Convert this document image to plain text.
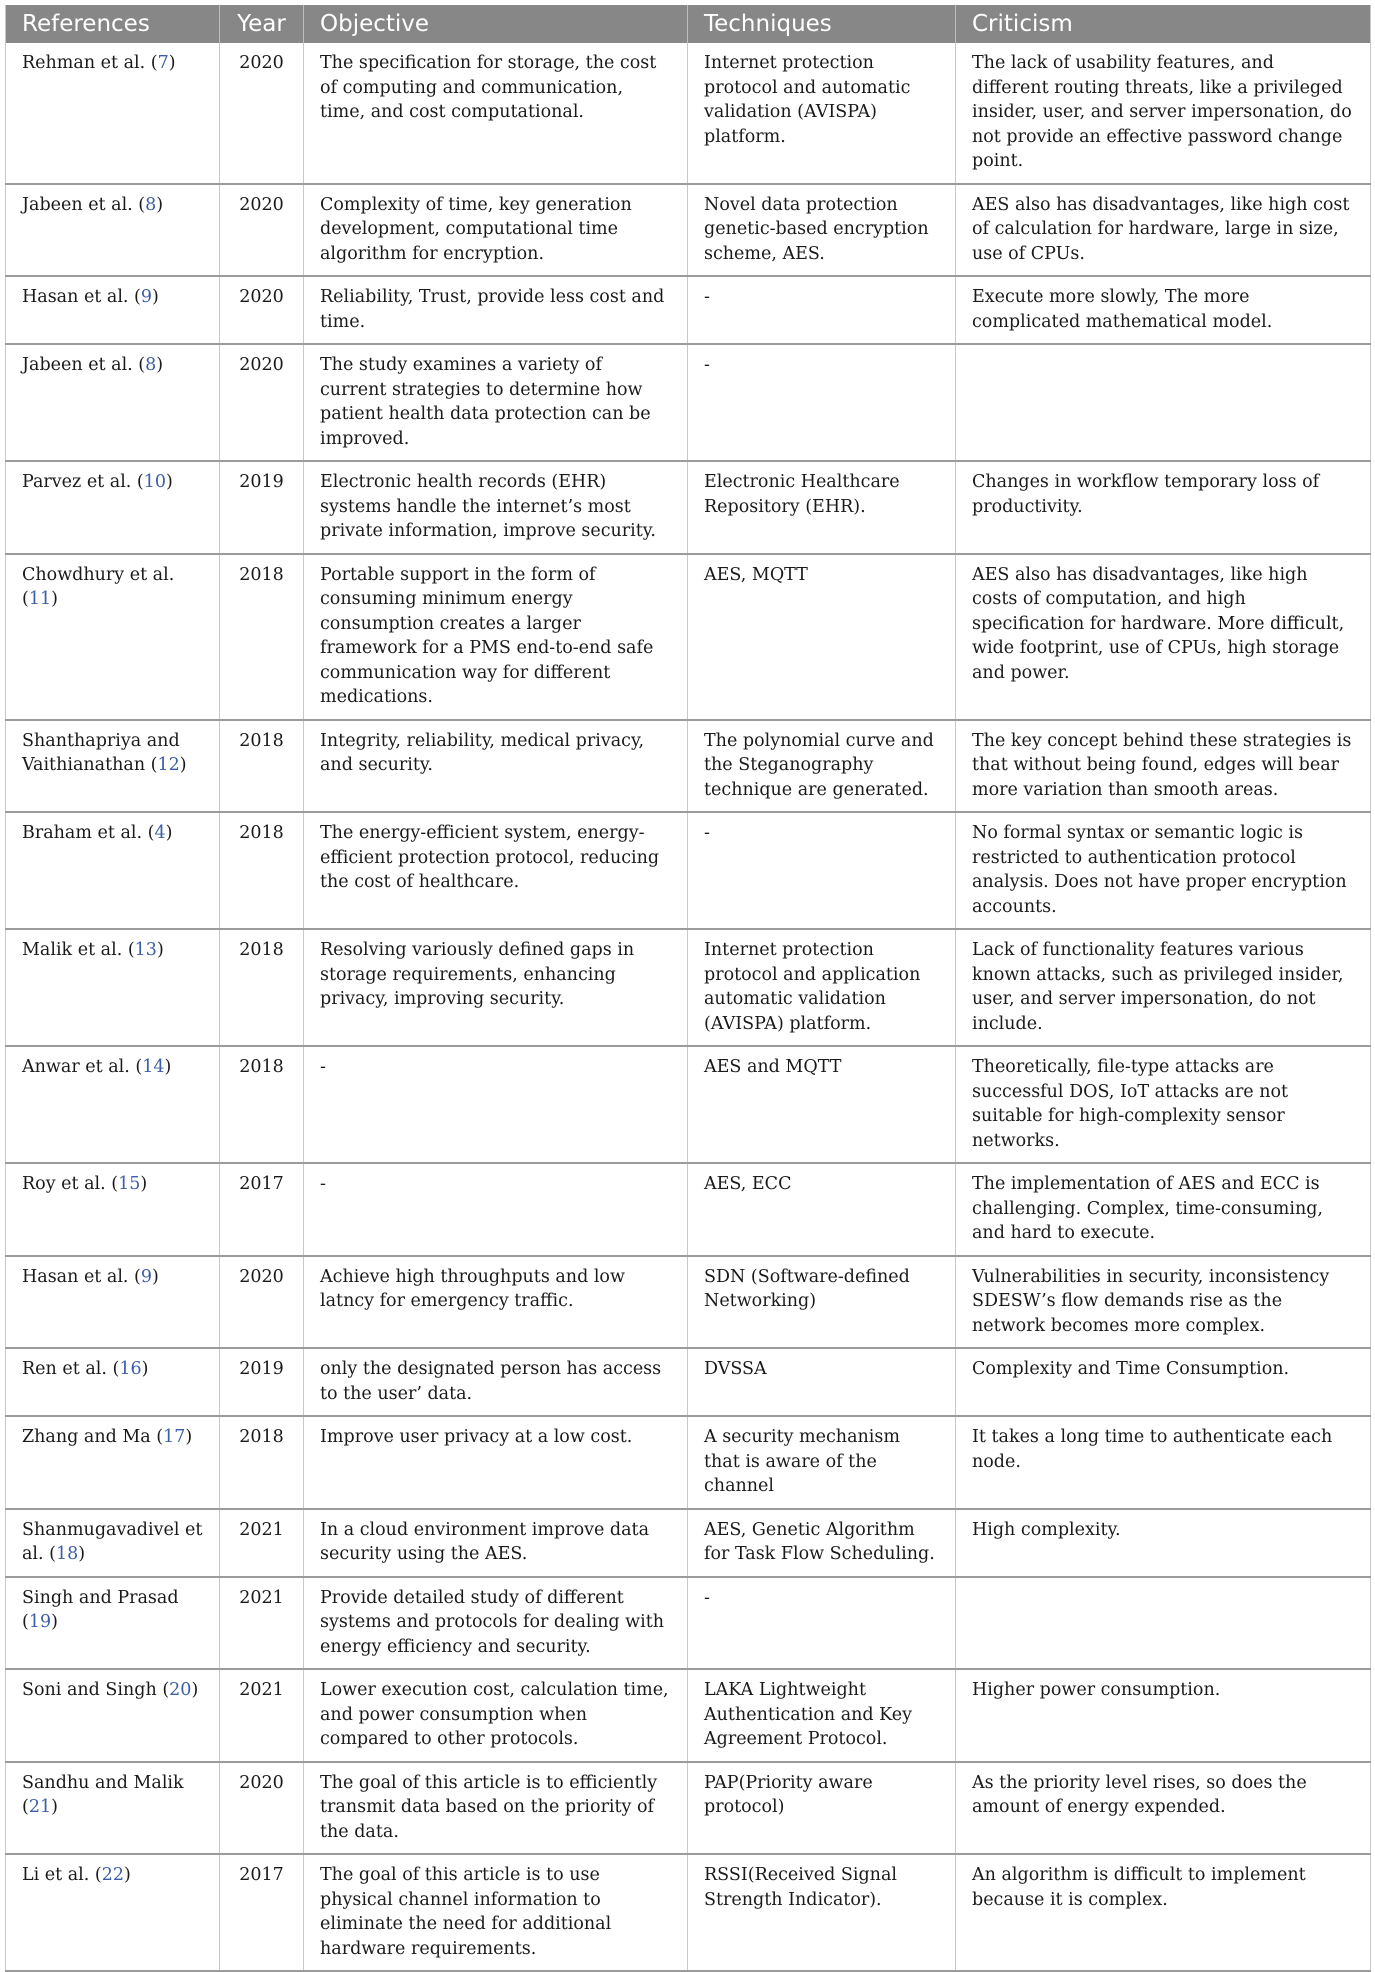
References	Year	Objective	Techniques	Criticism
Rehman et al. (7)	2020	The specification for storage, the cost of computing and communication, time, and cost computational.	Internet protection protocol and automatic validation (AVISPA) platform.	The lack of usability features, and different routing threats, like a privileged insider, user, and server impersonation, do not provide an effective password change point.
Jabeen et al. (8)	2020	Complexity of time, key generation development, computational time algorithm for encryption.	Novel data protection genetic-based encryption scheme, AES.	AES also has disadvantages, like high cost of calculation for hardware, large in size, use of CPUs.
Hasan et al. (9)	2020	Reliability, Trust, provide less cost and time.	-	Execute more slowly, The more complicated mathematical model.
Jabeen et al. (8)	2020	The study examines a variety of current strategies to determine how patient health data protection can be improved.	-	
Parvez et al. (10)	2019	Electronic health records (EHR) systems handle the internet’s most private information, improve security.	Electronic Healthcare Repository (EHR).	Changes in workflow temporary loss of productivity.
Chowdhury et al. (11)	2018	Portable support in the form of consuming minimum energy consumption creates a larger framework for a PMS end-to-end safe communication way for different medications.	AES, MQTT	AES also has disadvantages, like high costs of computation, and high specification for hardware. More difficult, wide footprint, use of CPUs, high storage and power.
Shanthapriya and Vaithianathan (12)	2018	Integrity, reliability, medical privacy, and security.	The polynomial curve and the Steganography technique are generated.	The key concept behind these strategies is that without being found, edges will bear more variation than smooth areas.
Braham et al. (4)	2018	The energy-efficient system, energy-efficient protection protocol, reducing the cost of healthcare.	-	No formal syntax or semantic logic is restricted to authentication protocol analysis. Does not have proper encryption accounts.
Malik et al. (13)	2018	Resolving variously defined gaps in storage requirements, enhancing privacy, improving security.	Internet protection protocol and application automatic validation (AVISPA) platform.	Lack of functionality features various known attacks, such as privileged insider, user, and server impersonation, do not include.
Anwar et al. (14)	2018	-	AES and MQTT	Theoretically, file-type attacks are successful DOS, IoT attacks are not suitable for high-complexity sensor networks.
Roy et al. (15)	2017	-	AES, ECC	The implementation of AES and ECC is challenging. Complex, time-consuming, and hard to execute.
Hasan et al. (9)	2020	Achieve high throughputs and low latncy for emergency traffic.	SDN (Software-defined Networking)	Vulnerabilities in security, inconsistency SDESW’s flow demands rise as the network becomes more complex.
Ren et al. (16)	2019	only the designated person has access to the user’ data.	DVSSA	Complexity and Time Consumption.
Zhang and Ma (17)	2018	Improve user privacy at a low cost.	A security mechanism that is aware of the channel	It takes a long time to authenticate each node.
Shanmugavadivel et al. (18)	2021	In a cloud environment improve data security using the AES.	AES, Genetic Algorithm for Task Flow Scheduling.	High complexity.
Singh and Prasad (19)	2021	Provide detailed study of different systems and protocols for dealing with energy efficiency and security.	-	
Soni and Singh (20)	2021	Lower execution cost, calculation time, and power consumption when compared to other protocols.	LAKA Lightweight Authentication and Key Agreement Protocol.	Higher power consumption.
Sandhu and Malik (21)	2020	The goal of this article is to efficiently transmit data based on the priority of the data.	PAP(Priority aware protocol)	As the priority level rises, so does the amount of energy expended.
Li et al. (22)	2017	The goal of this article is to use physical channel information to eliminate the need for additional hardware requirements.	RSSI(Received Signal Strength Indicator).	An algorithm is difficult to implement because it is complex.
